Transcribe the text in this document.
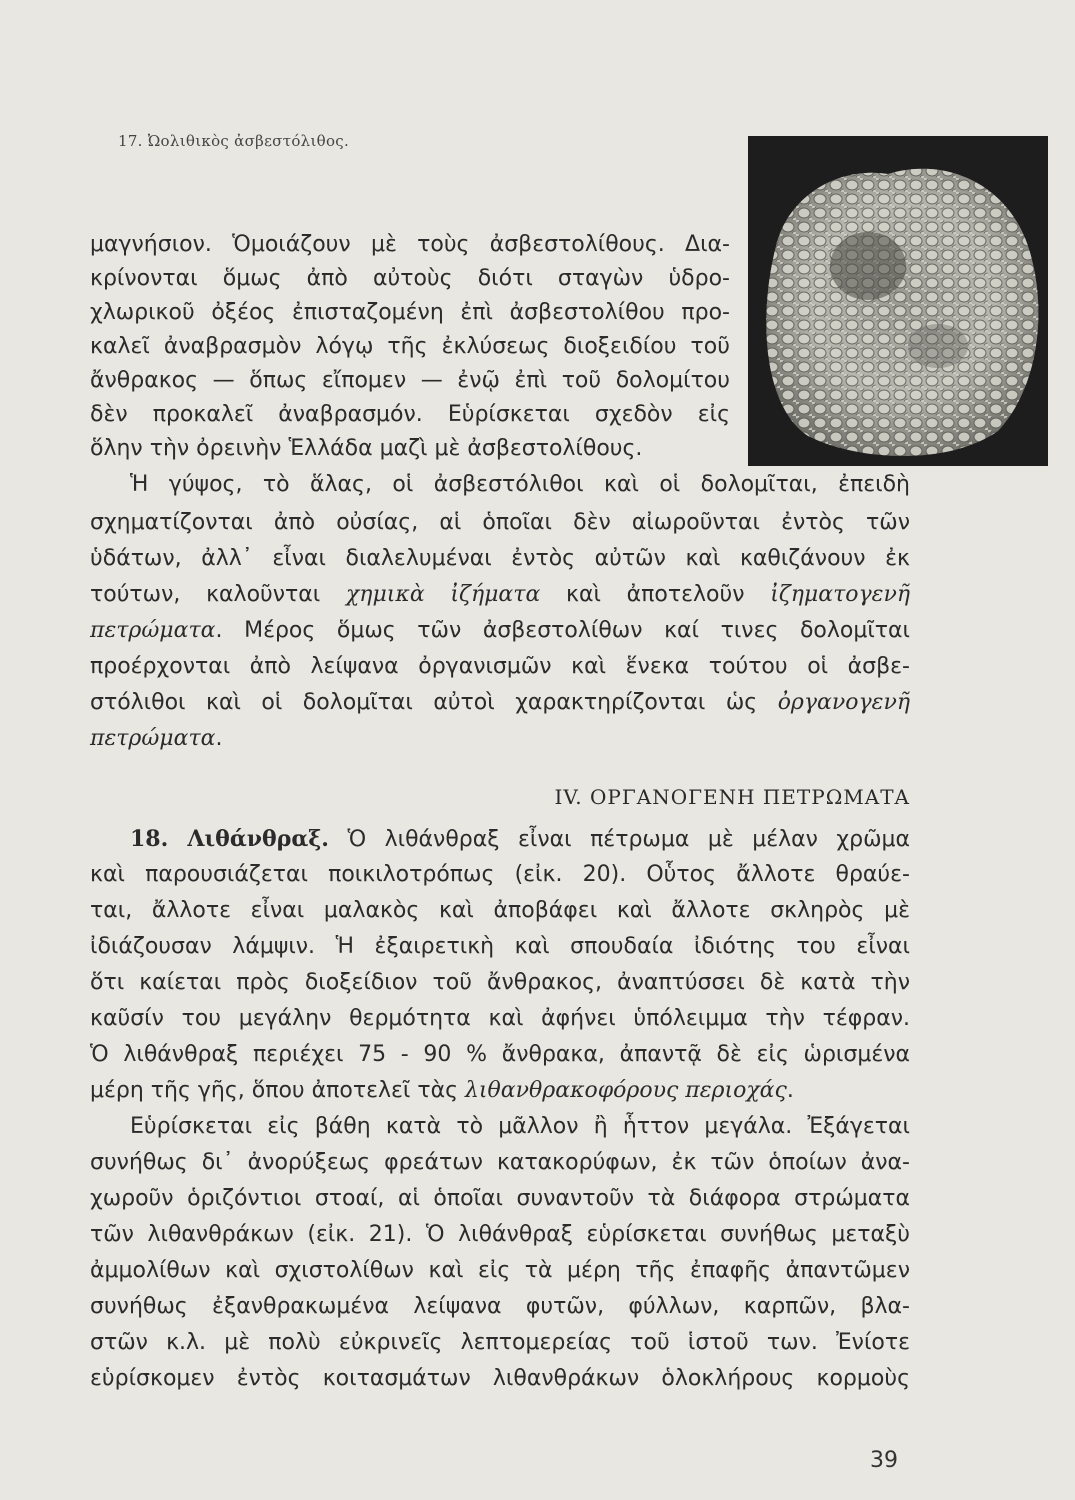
17. Ὠολιθικὸς ἀσβεστόλιθος.
μαγνήσιον. Ὁμοιάζουν μὲ τοὺς ἀσβεστολίθους. Δια-
κρίνονται ὅμως ἀπὸ αὐτοὺς διότι σταγὼν ὑδρο-
χλωρικοῦ ὀξέος ἐπισταζομένη ἐπὶ ἀσβεστολίθου προ-
καλεῖ ἀναβρασμὸν λόγῳ τῆς ἐκλύσεως διοξειδίου τοῦ
ἄνθρακος — ὅπως εἴπομεν — ἐνῷ ἐπὶ τοῦ δολομίτου
δὲν προκαλεῖ ἀναβρασμόν. Εὑρίσκεται σχεδὸν εἰς
ὅλην τὴν ὀρεινὴν Ἑλλάδα μαζὶ μὲ ἀσβεστολίθους.
Ἡ γύψος, τὸ ἅλας, οἱ ἀσβεστόλιθοι καὶ οἱ δολομῖται, ἐπειδὴ
σχηματίζονται ἀπὸ οὐσίας, αἱ ὁποῖαι δὲν αἰωροῦνται ἐντὸς τῶν
ὑδάτων, ἀλλ᾽ εἶναι διαλελυμέναι ἐντὸς αὐτῶν καὶ καθιζάνουν ἐκ
τούτων, καλοῦνται χημικὰ ἰζήματα καὶ ἀποτελοῦν ἰζηματογενῆ
πετρώματα. Μέρος ὅμως τῶν ἀσβεστολίθων καί τινες δολομῖται
προέρχονται ἀπὸ λείψανα ὀργανισμῶν καὶ ἕνεκα τούτου οἱ ἀσβε-
στόλιθοι καὶ οἱ δολομῖται αὐτοὶ χαρακτηρίζονται ὡς ὀργανογενῆ
πετρώματα.
IV. ΟΡΓΑΝΟΓΕΝΗ ΠΕΤΡΩΜΑΤΑ
18. Λιθάνθραξ. Ὁ λιθάνθραξ εἶναι πέτρωμα μὲ μέλαν χρῶμα
καὶ παρουσιάζεται ποικιλοτρόπως (εἰκ. 20). Οὗτος ἄλλοτε θραύε-
ται, ἄλλοτε εἶναι μαλακὸς καὶ ἀποβάφει καὶ ἄλλοτε σκληρὸς μὲ
ἰδιάζουσαν λάμψιν. Ἡ ἐξαιρετικὴ καὶ σπουδαία ἰδιότης του εἶναι
ὅτι καίεται πρὸς διοξείδιον τοῦ ἄνθρακος, ἀναπτύσσει δὲ κατὰ τὴν
καῦσίν του μεγάλην θερμότητα καὶ ἀφήνει ὑπόλειμμα τὴν τέφραν.
Ὁ λιθάνθραξ περιέχει 75 - 90 % ἄνθρακα, ἀπαντᾷ δὲ εἰς ὡρισμένα
μέρη τῆς γῆς, ὅπου ἀποτελεῖ τὰς λιθανθρακοφόρους περιοχάς.
Εὑρίσκεται εἰς βάθη κατὰ τὸ μᾶλλον ἢ ἧττον μεγάλα. Ἐξάγεται
συνήθως δι᾽ ἀνορύξεως φρεάτων κατακορύφων, ἐκ τῶν ὁποίων ἀνα-
χωροῦν ὁριζόντιοι στοαί, αἱ ὁποῖαι συναντοῦν τὰ διάφορα στρώματα
τῶν λιθανθράκων (εἰκ. 21). Ὁ λιθάνθραξ εὑρίσκεται συνήθως μεταξὺ
ἀμμολίθων καὶ σχιστολίθων καὶ εἰς τὰ μέρη τῆς ἐπαφῆς ἀπαντῶμεν
συνήθως ἐξανθρακωμένα λείψανα φυτῶν, φύλλων, καρπῶν, βλα-
στῶν κ.λ. μὲ πολὺ εὐκρινεῖς λεπτομερείας τοῦ ἱστοῦ των. Ἐνίοτε
εὑρίσκομεν ἐντὸς κοιτασμάτων λιθανθράκων ὁλοκλήρους κορμοὺς
39
